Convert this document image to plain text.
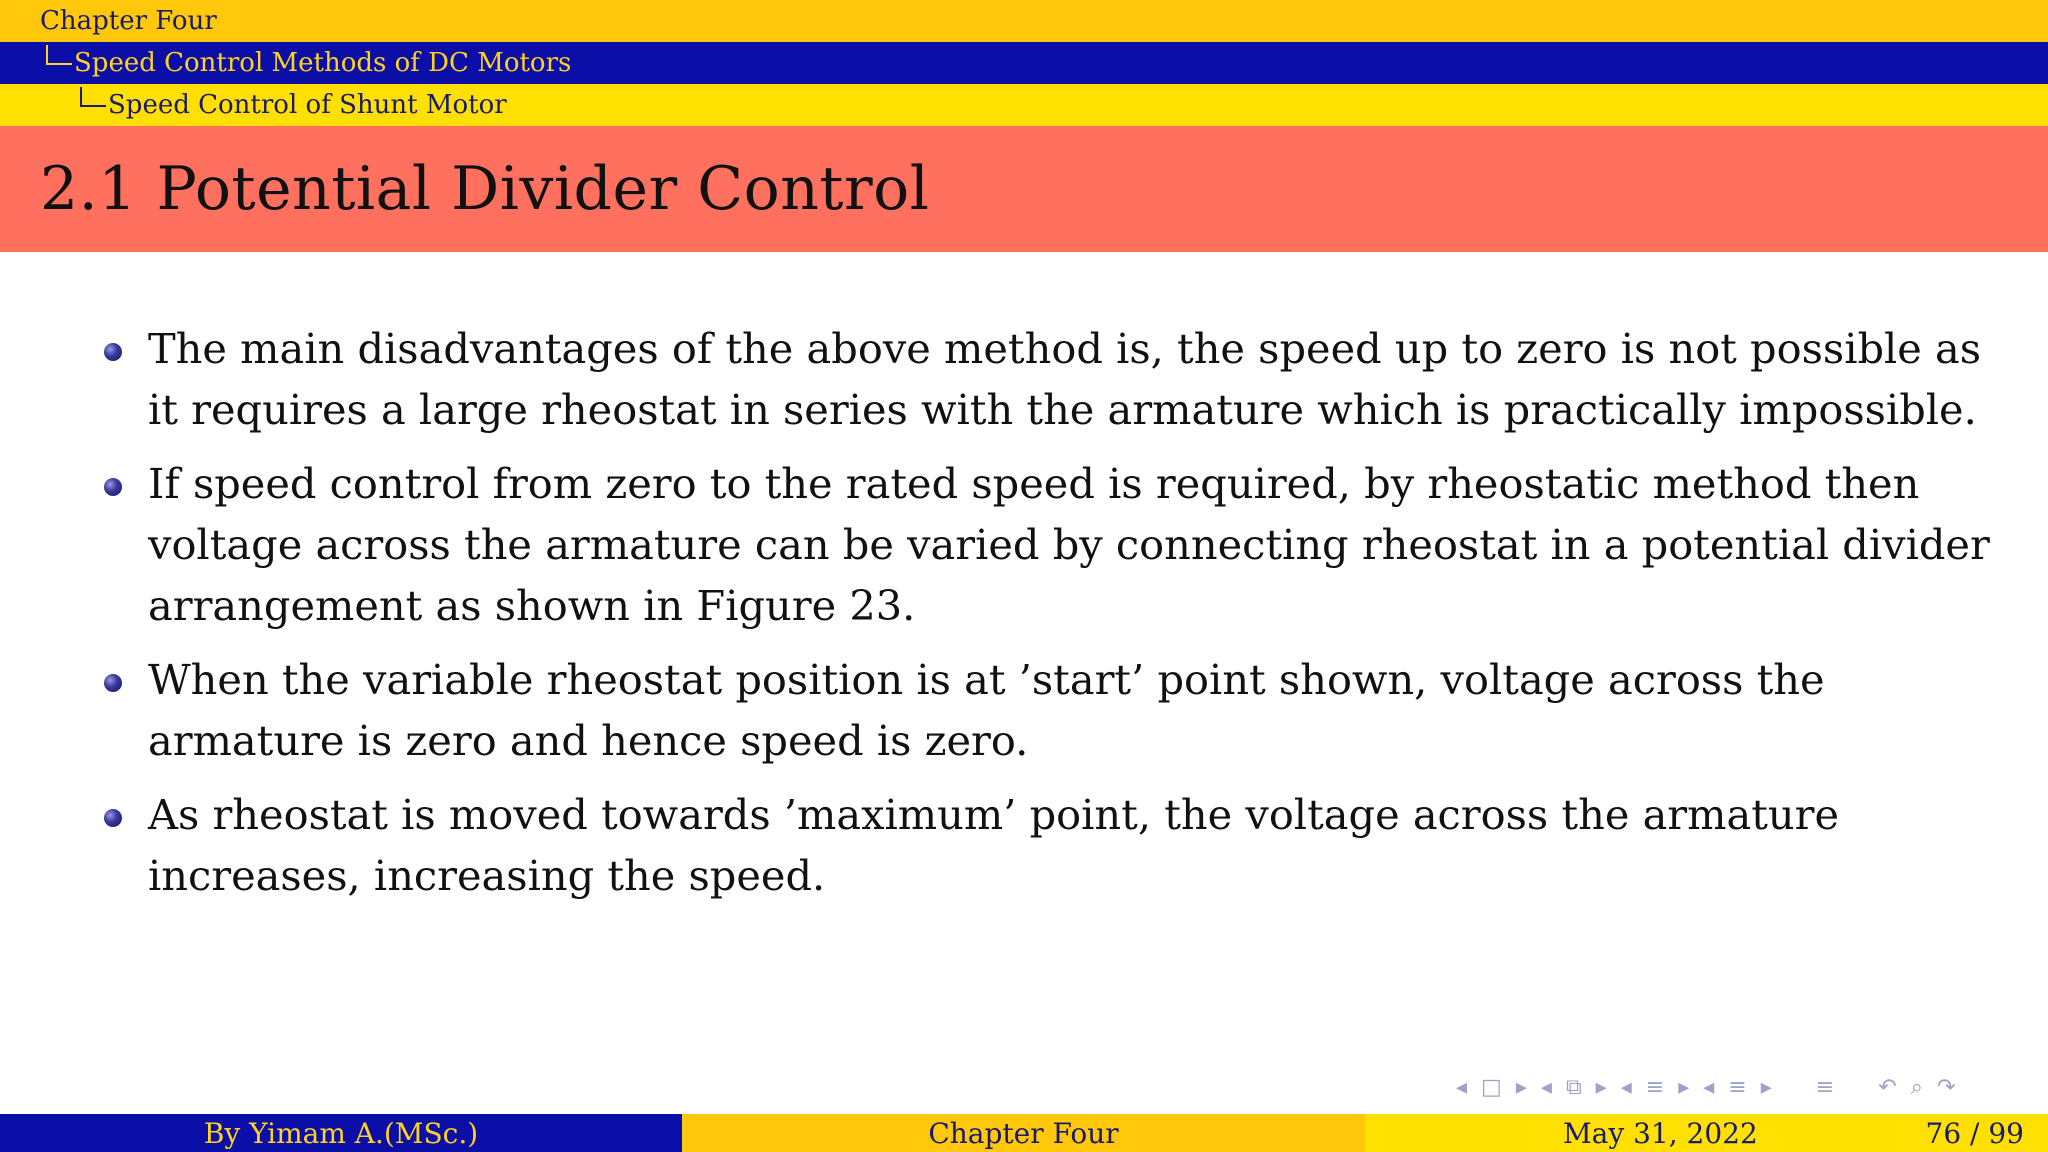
Chapter Four
Speed Control Methods of DC Motors
Speed Control of Shunt Motor
2.1 Potential Divider Control
The main disadvantages of the above method is, the speed up to zero is not possible as it requires a large rheostat in series with the armature which is practically impossible.
If speed control from zero to the rated speed is required, by rheostatic method then voltage across the armature can be varied by connecting rheostat in a potential divider arrangement as shown in Figure 23.
When the variable rheostat position is at ’start’ point shown, voltage across the armature is zero and hence speed is zero.
As rheostat is moved towards ’maximum’ point, the voltage across the armature increases, increasing the speed.
◂ □ ▸ ◂ ⧉ ▸ ◂ ≡ ▸ ◂ ≡ ▸ ≡ ↶ ⌕ ↷
By Yimam A.(MSc.)	Chapter Four	May 31, 2022	76 / 99
